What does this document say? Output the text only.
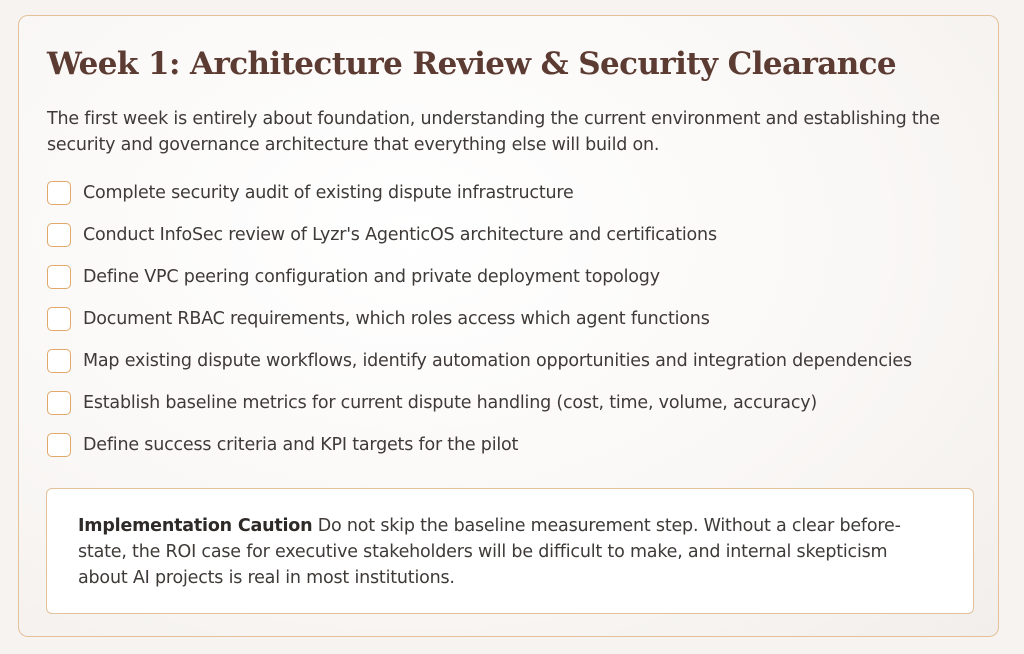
Week 1: Architecture Review & Security Clearance

The first week is entirely about foundation, understanding the current environment and establishing the security and governance architecture that everything else will build on.

Complete security audit of existing dispute infrastructure
Conduct InfoSec review of Lyzr's AgenticOS architecture and certifications
Define VPC peering configuration and private deployment topology
Document RBAC requirements, which roles access which agent functions
Map existing dispute workflows, identify automation opportunities and integration dependencies
Establish baseline metrics for current dispute handling (cost, time, volume, accuracy)
Define success criteria and KPI targets for the pilot

Implementation Caution Do not skip the baseline measurement step. Without a clear before-state, the ROI case for executive stakeholders will be difficult to make, and internal skepticism about AI projects is real in most institutions.
